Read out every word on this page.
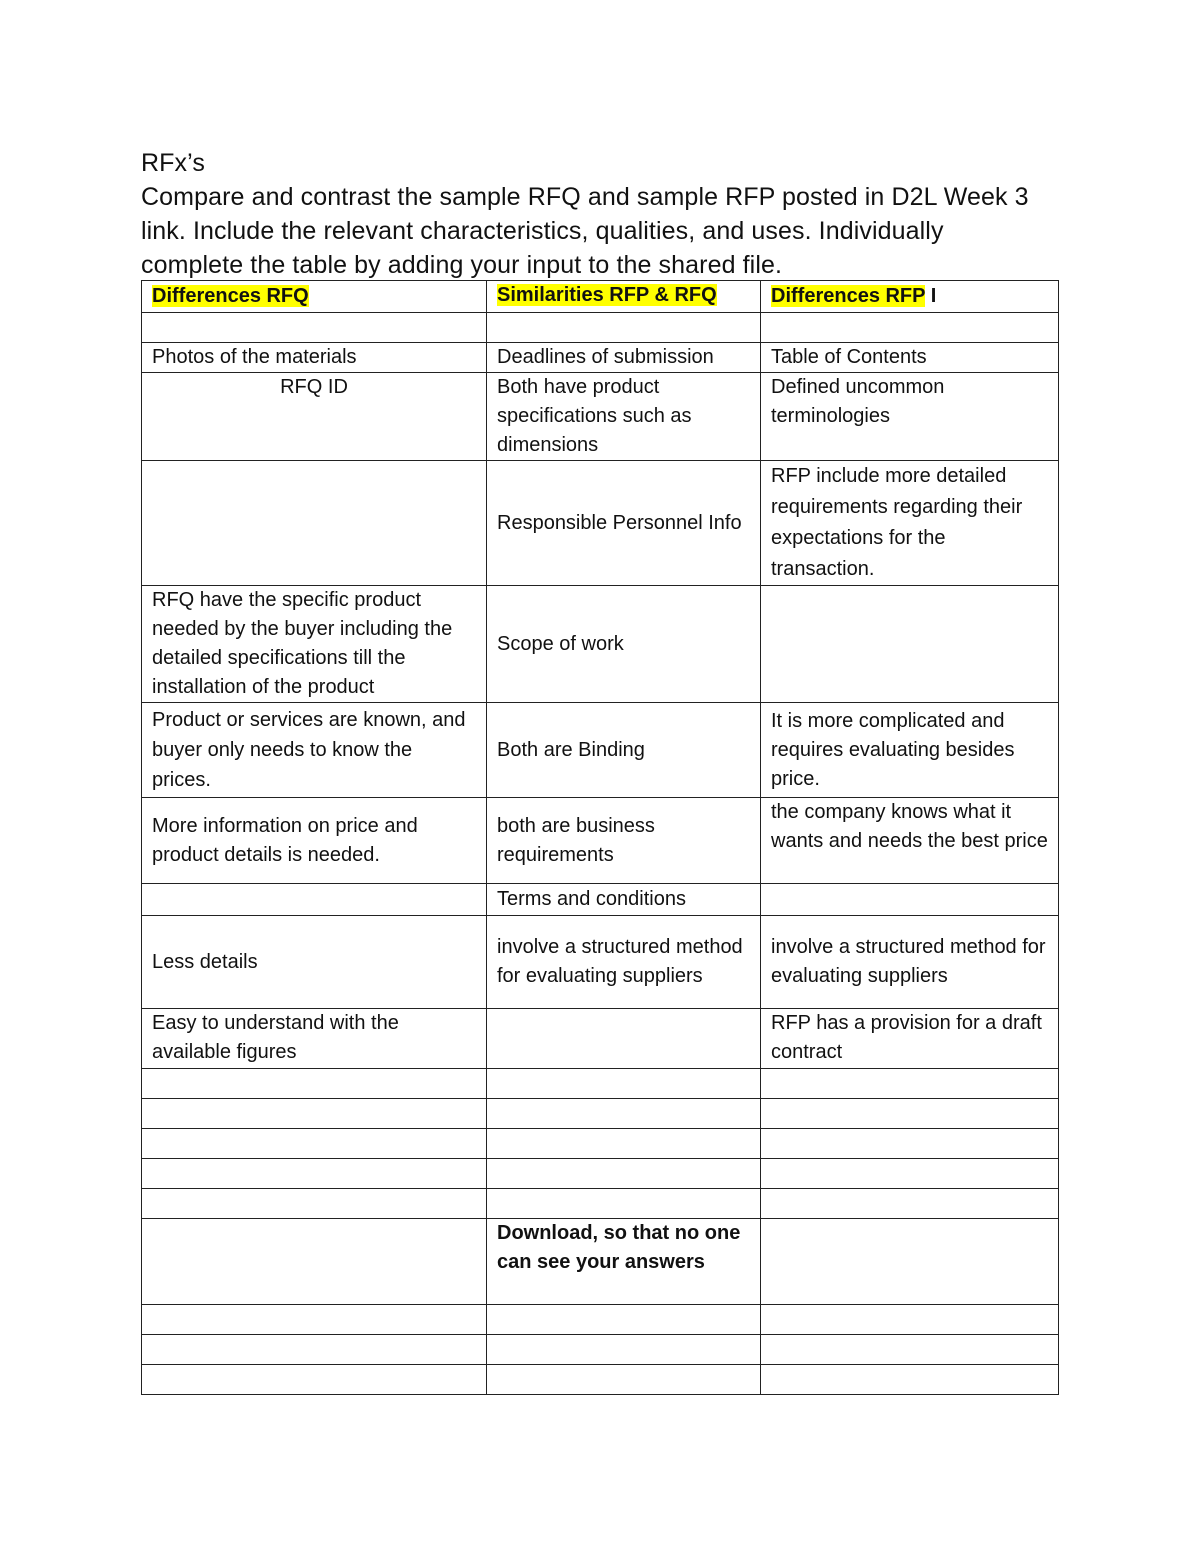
RFx’s
Compare and contrast the sample RFQ and sample RFP posted in D2L Week 3
link. Include the relevant characteristics, qualities, and uses. Individually
complete the table by adding your input to the shared file.
Differences RFQ	Similarities RFP & RFQ	Differences RFP I

Photos of the materials	Deadlines of submission	Table of Contents
RFQ ID	Both have product specifications such as dimensions	Defined uncommon terminologies
	Responsible Personnel Info	RFP include more detailed requirements regarding their expectations for the transaction.
RFQ have the specific product needed by the buyer including the detailed specifications till the installation of the product	Scope of work	
Product or services are known, and buyer only needs to know the prices.	Both are Binding	It is more complicated and requires evaluating besides price.
More information on price and product details is needed.	both are business requirements	the company knows what it wants and needs the best price
	Terms and conditions	
Less details	involve a structured method for evaluating suppliers	involve a structured method for evaluating suppliers
Easy to understand with the available figures		RFP has a provision for a draft contract

	Download, so that no one can see your answers	
